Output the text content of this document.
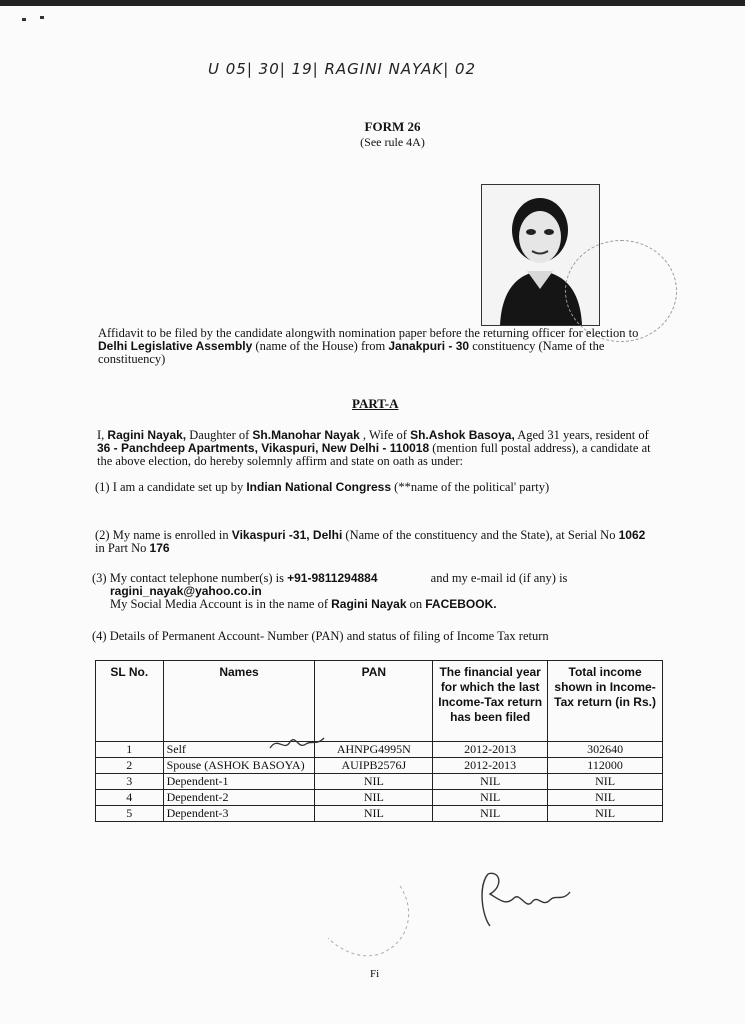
U 05| 30| 19| RAGINI NAYAK| 02
FORM 26
(See rule 4A)
Affidavit to be filed by the candidate alongwith nomination paper before the returning officer for election to Delhi Legislative Assembly (name of the House) from Janakpuri - 30 constituency (Name of the constituency)
PART-A
I, Ragini Nayak, Daughter of Sh.Manohar Nayak , Wife of Sh.Ashok Basoya, Aged 31 years, resident of 36 - Panchdeep Apartments, Vikaspuri, New Delhi - 110018 (mention full postal address), a candidate at the above election, do hereby solemnly affirm and state on oath as under:
(1) I am a candidate set up by Indian National Congress (**name of the political' party)
(2) My name is enrolled in Vikaspuri -31, Delhi (Name of the constituency and the State), at Serial No 1062 in Part No 176
(3) My contact telephone number(s) is +91-9811294884	and my e-mail id (if any) is
ragini_nayak@yahoo.co.in
My Social Media Account is in the name of Ragini Nayak on FACEBOOK.
(4) Details of Permanent Account- Number (PAN) and status of filing of Income Tax return
SL No.	Names	PAN	The financial year for which the last Income-Tax return has been filed	Total income shown in Income-Tax return (in Rs.)
1	Self	AHNPG4995N	2012-2013	302640
2	Spouse (ASHOK BASOYA)	AUIPB2576J	2012-2013	112000
3	Dependent-1	NIL	NIL	NIL
4	Dependent-2	NIL	NIL	NIL
5	Dependent-3	NIL	NIL	NIL
Fi
